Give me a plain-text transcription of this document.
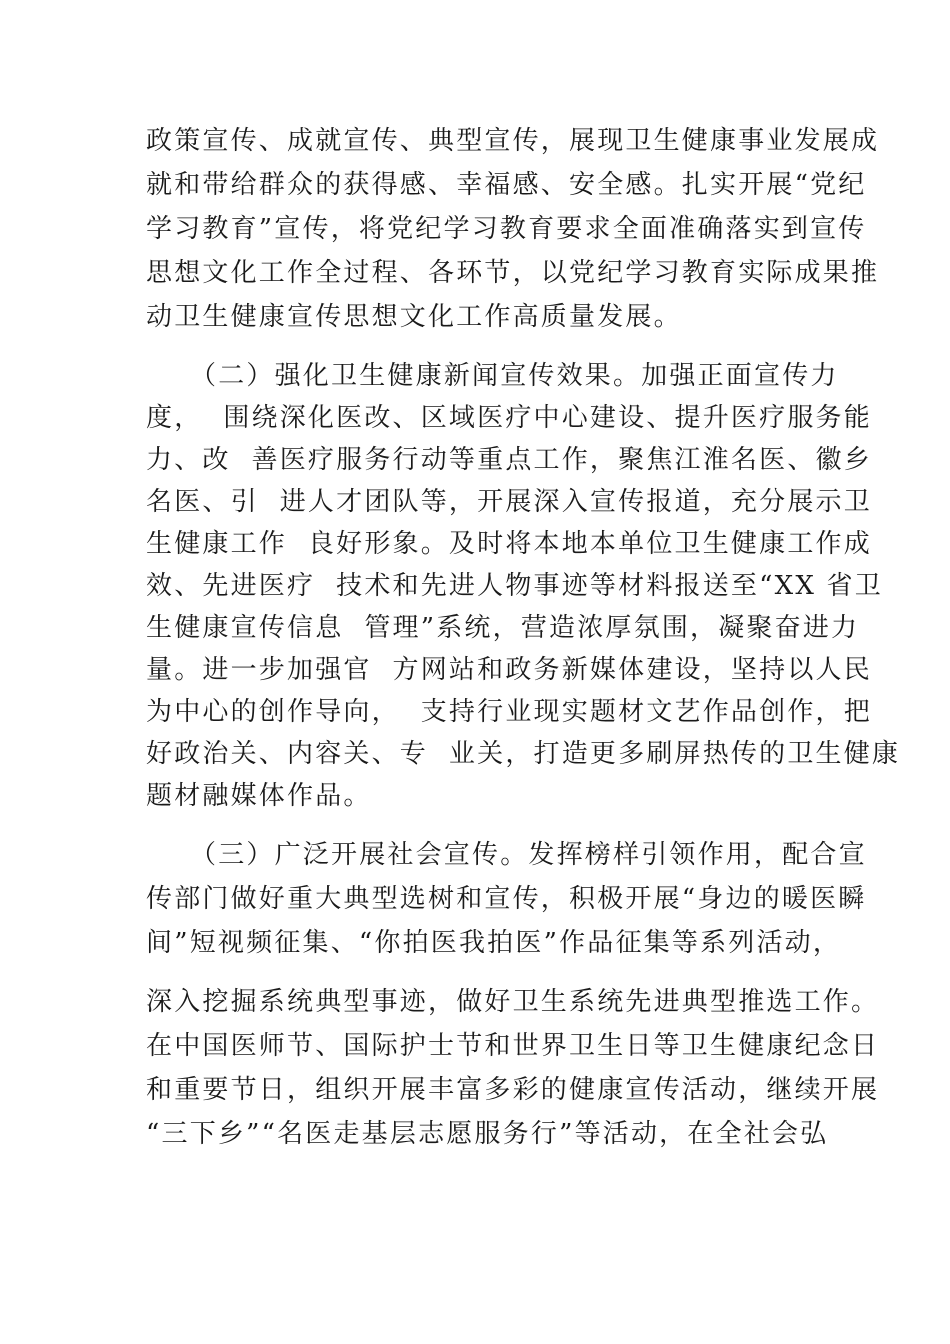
政策宣传、成就宣传、典型宣传，展现卫生健康事业发展成
就和带给群众的获得感、幸福感、安全感。扎实开展“党纪
学习教育”宣传，将党纪学习教育要求全面准确落实到宣传
思想文化工作全过程、各环节，以党纪学习教育实际成果推
动卫生健康宣传思想文化工作高质量发展。
（二）强化卫生健康新闻宣传效果。加强正面宣传力
度，  围绕深化医改、区域医疗中心建设、提升医疗服务能
力、改  善医疗服务行动等重点工作，聚焦江淮名医、徽乡
名医、引  进人才团队等，开展深入宣传报道，充分展示卫
生健康工作  良好形象。及时将本地本单位卫生健康工作成
效、先进医疗  技术和先进人物事迹等材料报送至“XX 省卫
生健康宣传信息  管理”系统，营造浓厚氛围，凝聚奋进力
量。进一步加强官  方网站和政务新媒体建设，坚持以人民
为中心的创作导向，  支持行业现实题材文艺作品创作，把
好政治关、内容关、专  业关，打造更多刷屏热传的卫生健康
题材融媒体作品。
（三）广泛开展社会宣传。发挥榜样引领作用，配合宣
传部门做好重大典型选树和宣传，积极开展“身边的暖医瞬
间”短视频征集、“你拍医我拍医”作品征集等系列活动，
深入挖掘系统典型事迹，做好卫生系统先进典型推选工作。
在中国医师节、国际护士节和世界卫生日等卫生健康纪念日
和重要节日，组织开展丰富多彩的健康宣传活动，继续开展
“三下乡”“名医走基层志愿服务行”等活动，在全社会弘
